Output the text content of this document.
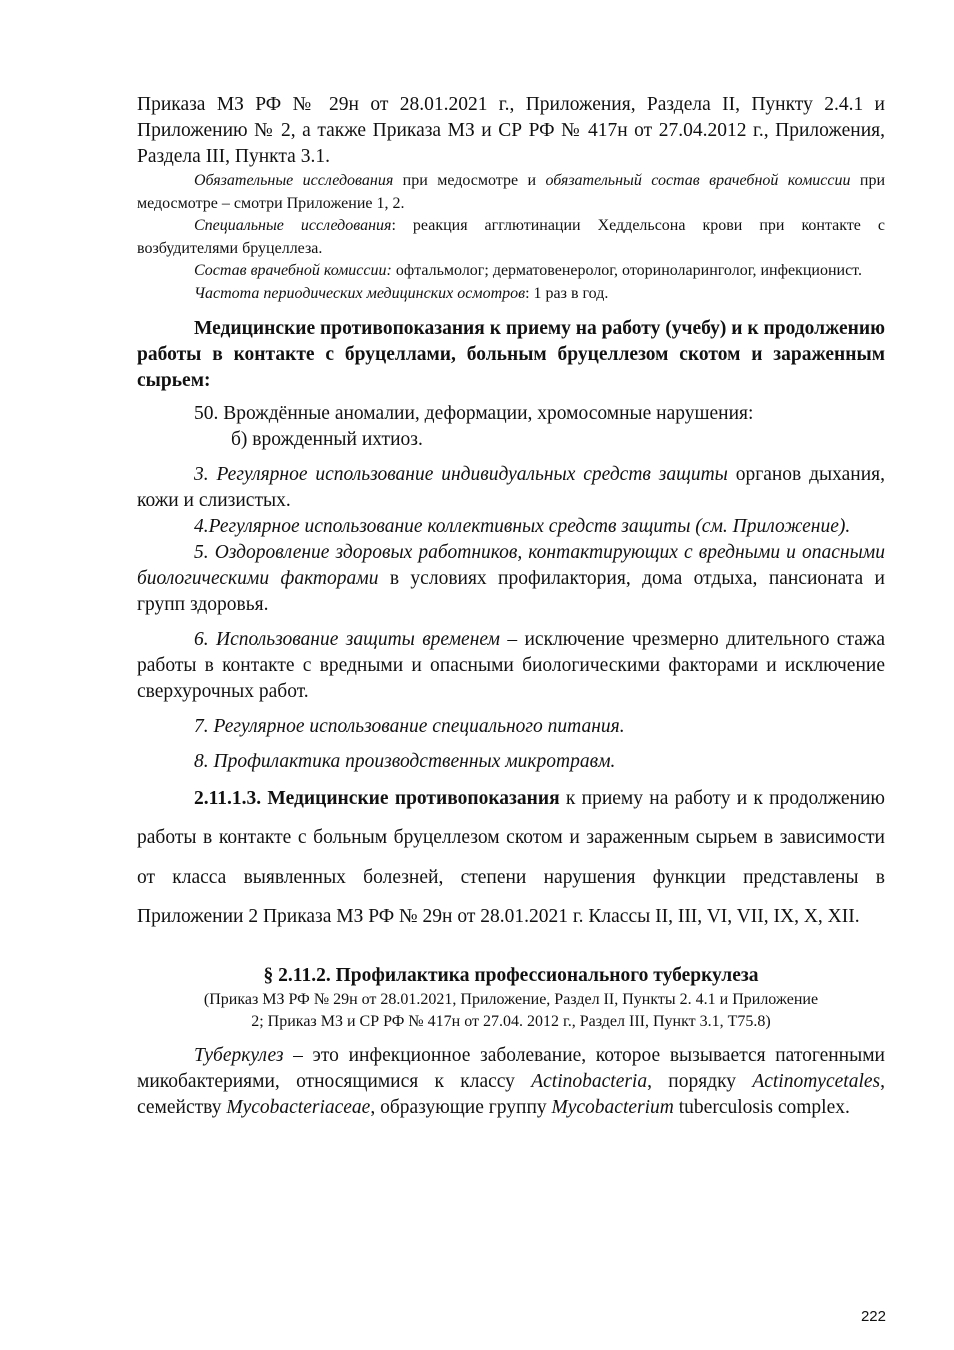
Приказа МЗ РФ № 29н от 28.01.2021 г., Приложения, Раздела II, Пункту 2.4.1 и Приложению № 2, а также Приказа МЗ и СР РФ № 417н от 27.04.2012 г., Приложения, Раздела III, Пункта 3.1.
Обязательные исследования при медосмотре и обязательный состав врачебной комиссии при медосмотре – смотри Приложение 1, 2.
Специальные исследования: реакция агглютинации Хеддельсона крови при контакте с возбудителями бруцеллеза.
Состав врачебной комиссии: офтальмолог; дерматовенеролог, оториноларинголог, инфекционист.
Частота периодических медицинских осмотров: 1 раз в год.
Медицинские противопоказания к приему на работу (учебу) и к продолжению работы в контакте с бруцеллами, больным бруцеллезом скотом и зараженным сырьем:
50. Врождённые аномалии, деформации, хромосомные нарушения:
б) врожденный ихтиоз.
3. Регулярное использование индивидуальных средств защиты органов дыхания, кожи и слизистых.
4.Регулярное использование коллективных средств защиты (см. Приложение).
5. Оздоровление здоровых работников, контактирующих с вредными и опасными биологическими факторами в условиях профилактория, дома отдыха, пансионата и групп здоровья.
6. Использование защиты временем – исключение чрезмерно длительного стажа работы в контакте с вредными и опасными биологическими факторами и исключение сверхурочных работ.
7. Регулярное использование специального питания.
8. Профилактика производственных микротравм.
2.11.1.3. Медицинские противопоказания к приему на работу и к продолжению работы в контакте с больным бруцеллезом скотом и зараженным сырьем в зависимости от класса выявленных болезней, степени нарушения функции представлены в Приложении 2 Приказа МЗ РФ № 29н от 28.01.2021 г. Классы II, III, VI, VII, IX, X, XII.
§ 2.11.2. Профилактика профессионального туберкулеза
(Приказ МЗ РФ № 29н от 28.01.2021, Приложение, Раздел II, Пункты 2. 4.1 и Приложение
2; Приказ МЗ и СР РФ № 417н от 27.04. 2012 г., Раздел III, Пункт 3.1, Т75.8)
Туберкулез – это инфекционное заболевание, которое вызывается патогенными микобактериями, относящимися к классу Actinobacteria, порядку Actinomycetales, семейству Mycobacteriaceae, образующие группу Mycobacterium tuberculosis complex.
222
